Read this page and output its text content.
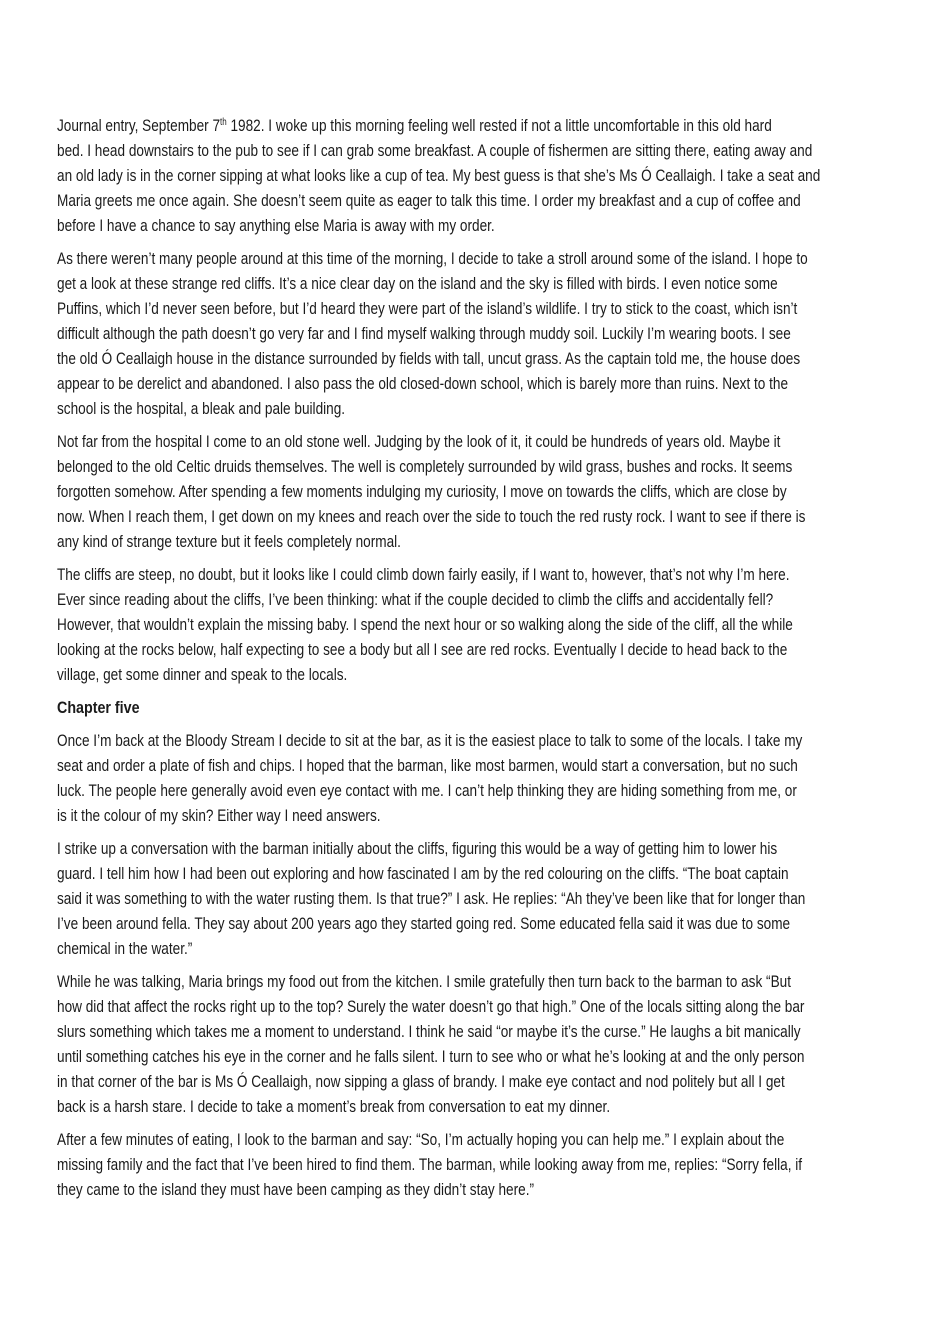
Journal entry, September 7th 1982. I woke up this morning feeling well rested if not a little uncomfortable in this old hard
bed. I head downstairs to the pub to see if I can grab some breakfast. A couple of fishermen are sitting there, eating away and
an old lady is in the corner sipping at what looks like a cup of tea. My best guess is that she’s Ms Ó Ceallaigh. I take a seat and
Maria greets me once again. She doesn’t seem quite as eager to talk this time. I order my breakfast and a cup of coffee and
before I have a chance to say anything else Maria is away with my order.

As there weren’t many people around at this time of the morning, I decide to take a stroll around some of the island. I hope to
get a look at these strange red cliffs. It’s a nice clear day on the island and the sky is filled with birds. I even notice some
Puffins, which I’d never seen before, but I’d heard they were part of the island’s wildlife. I try to stick to the coast, which isn’t
difficult although the path doesn’t go very far and I find myself walking through muddy soil. Luckily I’m wearing boots. I see
the old Ó Ceallaigh house in the distance surrounded by fields with tall, uncut grass. As the captain told me, the house does
appear to be derelict and abandoned. I also pass the old closed-down school, which is barely more than ruins. Next to the
school is the hospital, a bleak and pale building.

Not far from the hospital I come to an old stone well. Judging by the look of it, it could be hundreds of years old. Maybe it
belonged to the old Celtic druids themselves. The well is completely surrounded by wild grass, bushes and rocks. It seems
forgotten somehow. After spending a few moments indulging my curiosity, I move on towards the cliffs, which are close by
now. When I reach them, I get down on my knees and reach over the side to touch the red rusty rock. I want to see if there is
any kind of strange texture but it feels completely normal.

The cliffs are steep, no doubt, but it looks like I could climb down fairly easily, if I want to, however, that’s not why I’m here.
Ever since reading about the cliffs, I’ve been thinking: what if the couple decided to climb the cliffs and accidentally fell?
However, that wouldn’t explain the missing baby. I spend the next hour or so walking along the side of the cliff, all the while
looking at the rocks below, half expecting to see a body but all I see are red rocks. Eventually I decide to head back to the
village, get some dinner and speak to the locals.

Chapter five

Once I’m back at the Bloody Stream I decide to sit at the bar, as it is the easiest place to talk to some of the locals. I take my
seat and order a plate of fish and chips. I hoped that the barman, like most barmen, would start a conversation, but no such
luck. The people here generally avoid even eye contact with me. I can’t help thinking they are hiding something from me, or
is it the colour of my skin? Either way I need answers.

I strike up a conversation with the barman initially about the cliffs, figuring this would be a way of getting him to lower his
guard. I tell him how I had been out exploring and how fascinated I am by the red colouring on the cliffs. “The boat captain
said it was something to with the water rusting them. Is that true?” I ask. He replies: “Ah they’ve been like that for longer than
I’ve been around fella. They say about 200 years ago they started going red. Some educated fella said it was due to some
chemical in the water.”

While he was talking, Maria brings my food out from the kitchen. I smile gratefully then turn back to the barman to ask “But
how did that affect the rocks right up to the top? Surely the water doesn’t go that high.” One of the locals sitting along the bar
slurs something which takes me a moment to understand. I think he said “or maybe it’s the curse.” He laughs a bit manically
until something catches his eye in the corner and he falls silent. I turn to see who or what he’s looking at and the only person
in that corner of the bar is Ms Ó Ceallaigh, now sipping a glass of brandy. I make eye contact and nod politely but all I get
back is a harsh stare. I decide to take a moment’s break from conversation to eat my dinner.

After a few minutes of eating, I look to the barman and say: “So, I’m actually hoping you can help me.” I explain about the
missing family and the fact that I’ve been hired to find them. The barman, while looking away from me, replies: “Sorry fella, if
they came to the island they must have been camping as they didn’t stay here.”
